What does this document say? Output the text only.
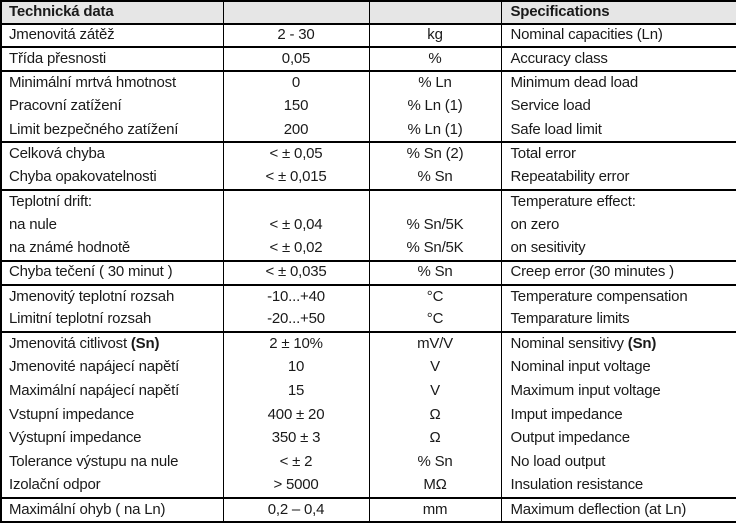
Technická data			Specifications
Jmenovitá zátěž	2 - 30	kg	Nominal capacities (Ln)
Třída přesnosti	0,05	%	Accuracy class
Minimální mrtvá hmotnost	0	% Ln	Minimum dead load
Pracovní zatížení	150	% Ln (1)	Service load
Limit bezpečného zatížení	200	% Ln (1)	Safe load limit
Celková chyba	< ± 0,05	% Sn (2)	Total error
Chyba opakovatelnosti	< ± 0,015	% Sn	Repeatability error
Teplotní drift:			Temperature effect:
na nule	< ± 0,04	% Sn/5K	on zero
na známé hodnotě	< ± 0,02	% Sn/5K	on sesitivity
Chyba tečení ( 30 minut )	< ± 0,035	% Sn	Creep error (30 minutes )
Jmenovitý teplotní rozsah	-10...+40	°C	Temperature compensation
Limitní teplotní rozsah	-20...+50	°C	Temparature limits
Jmenovitá citlivost (Sn)	2 ± 10%	mV/V	Nominal sensitivy (Sn)
Jmenovité napájecí napětí	10	V	Nominal input voltage
Maximální napájecí napětí	15	V	Maximum input voltage
Vstupní impedance	400 ± 20	Ω	Imput impedance
Výstupní impedance	350 ± 3	Ω	Output impedance
Tolerance výstupu na nule	< ± 2	% Sn	No load output
Izolační odpor	> 5000	MΩ	Insulation resistance
Maximální ohyb ( na Ln)	0,2 – 0,4	mm	Maximum deflection (at Ln)
